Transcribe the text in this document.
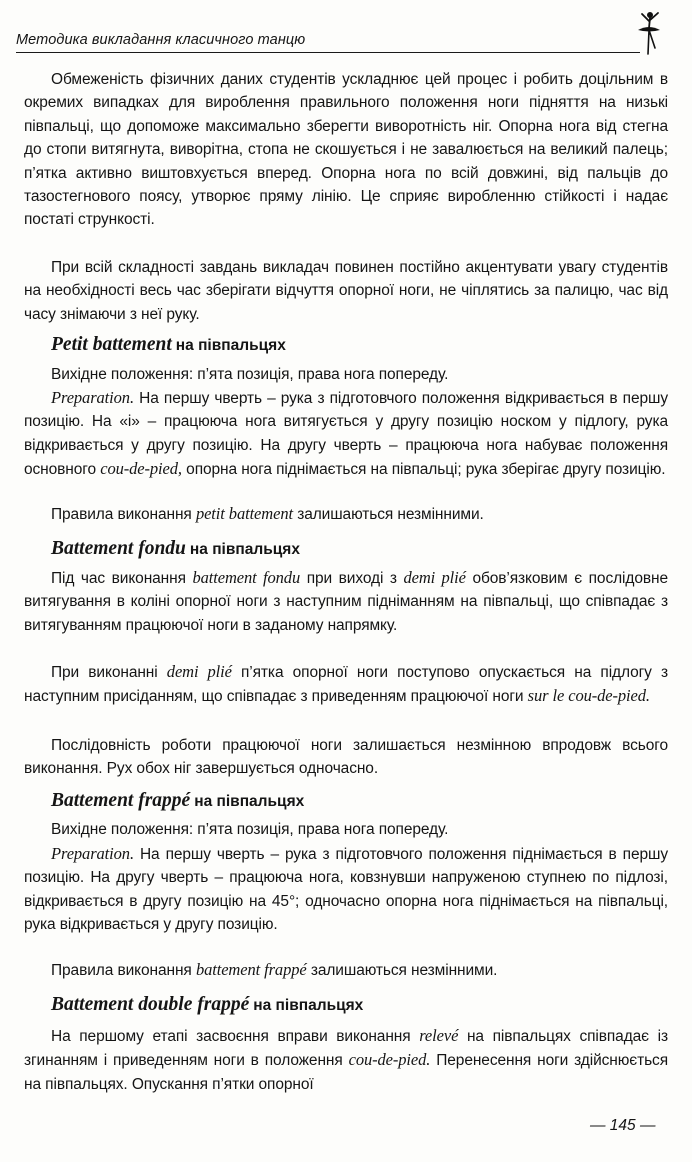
Методика викладання класичного танцю

Обмеженість фізичних даних студентів ускладнює цей процес і робить доцільним в окремих випадках для вироблення правильного положення ноги підняття на низькі півпальці, що допоможе максимально зберегти виворотність ніг. Опорна нога від стегна до стопи витягнута, виворітна, стопа не скошується і не завалюється на великий палець; п’ятка активно виштовхується вперед. Опорна нога по всій довжині, від пальців до тазостегнового поясу, утворює пряму лінію. Це сприяє виробленню стійкості і надає постаті стрункості.

При всій складності завдань викладач повинен постійно акцентувати увагу студентів на необхідності весь час зберігати відчуття опорної ноги, не чіплятись за палицю, час від часу знімаючи з неї руку.

Petit battement на півпальцях

Вихідне положення: п’ята позиція, права нога попереду.

Preparation. На першу чверть – рука з підготовчого положення відкривається в першу позицію. На «і» – працююча нога витягується у другу позицію носком у підлогу, рука відкривається у другу позицію. На другу чверть – працююча нога набуває положення основного cou-de-pied, опорна нога піднімається на півпальці; рука зберігає другу позицію.

Правила виконання petit battement залишаються незмінними.

Battement fondu на півпальцях

Під час виконання battement fondu при виході з demi plié обов’язковим є послідовне витягування в коліні опорної ноги з наступним підніманням на півпальці, що співпадає з витягуванням працюючої ноги в заданому напрямку.

При виконанні demi plié п’ятка опорної ноги поступово опускається на підлогу з наступним присіданням, що співпадає з приведенням працюючої ноги sur le cou-de-pied.

Послідовність роботи працюючої ноги залишається незмінною впродовж всього виконання. Рух обох ніг завершується одночасно.

Battement frappé на півпальцях

Вихідне положення: п’ята позиція, права нога попереду.

Preparation. На першу чверть – рука з підготовчого положення піднімається в першу позицію. На другу чверть – працююча нога, ковзнувши напруженою ступнею по підлозі, відкривається в другу позицію на 45°; одночасно опорна нога піднімається на півпальці, рука відкривається у другу позицію.

Правила виконання battement frappé залишаються незмінними.

Battement double frappé на півпальцях

На першому етапі засвоєння вправи виконання relevé на півпальцях співпадає із згинанням і приведенням ноги в положення cou-de-pied. Перенесення ноги здійснюється на півпальцях. Опускання п’ятки опорної

— 145 —
